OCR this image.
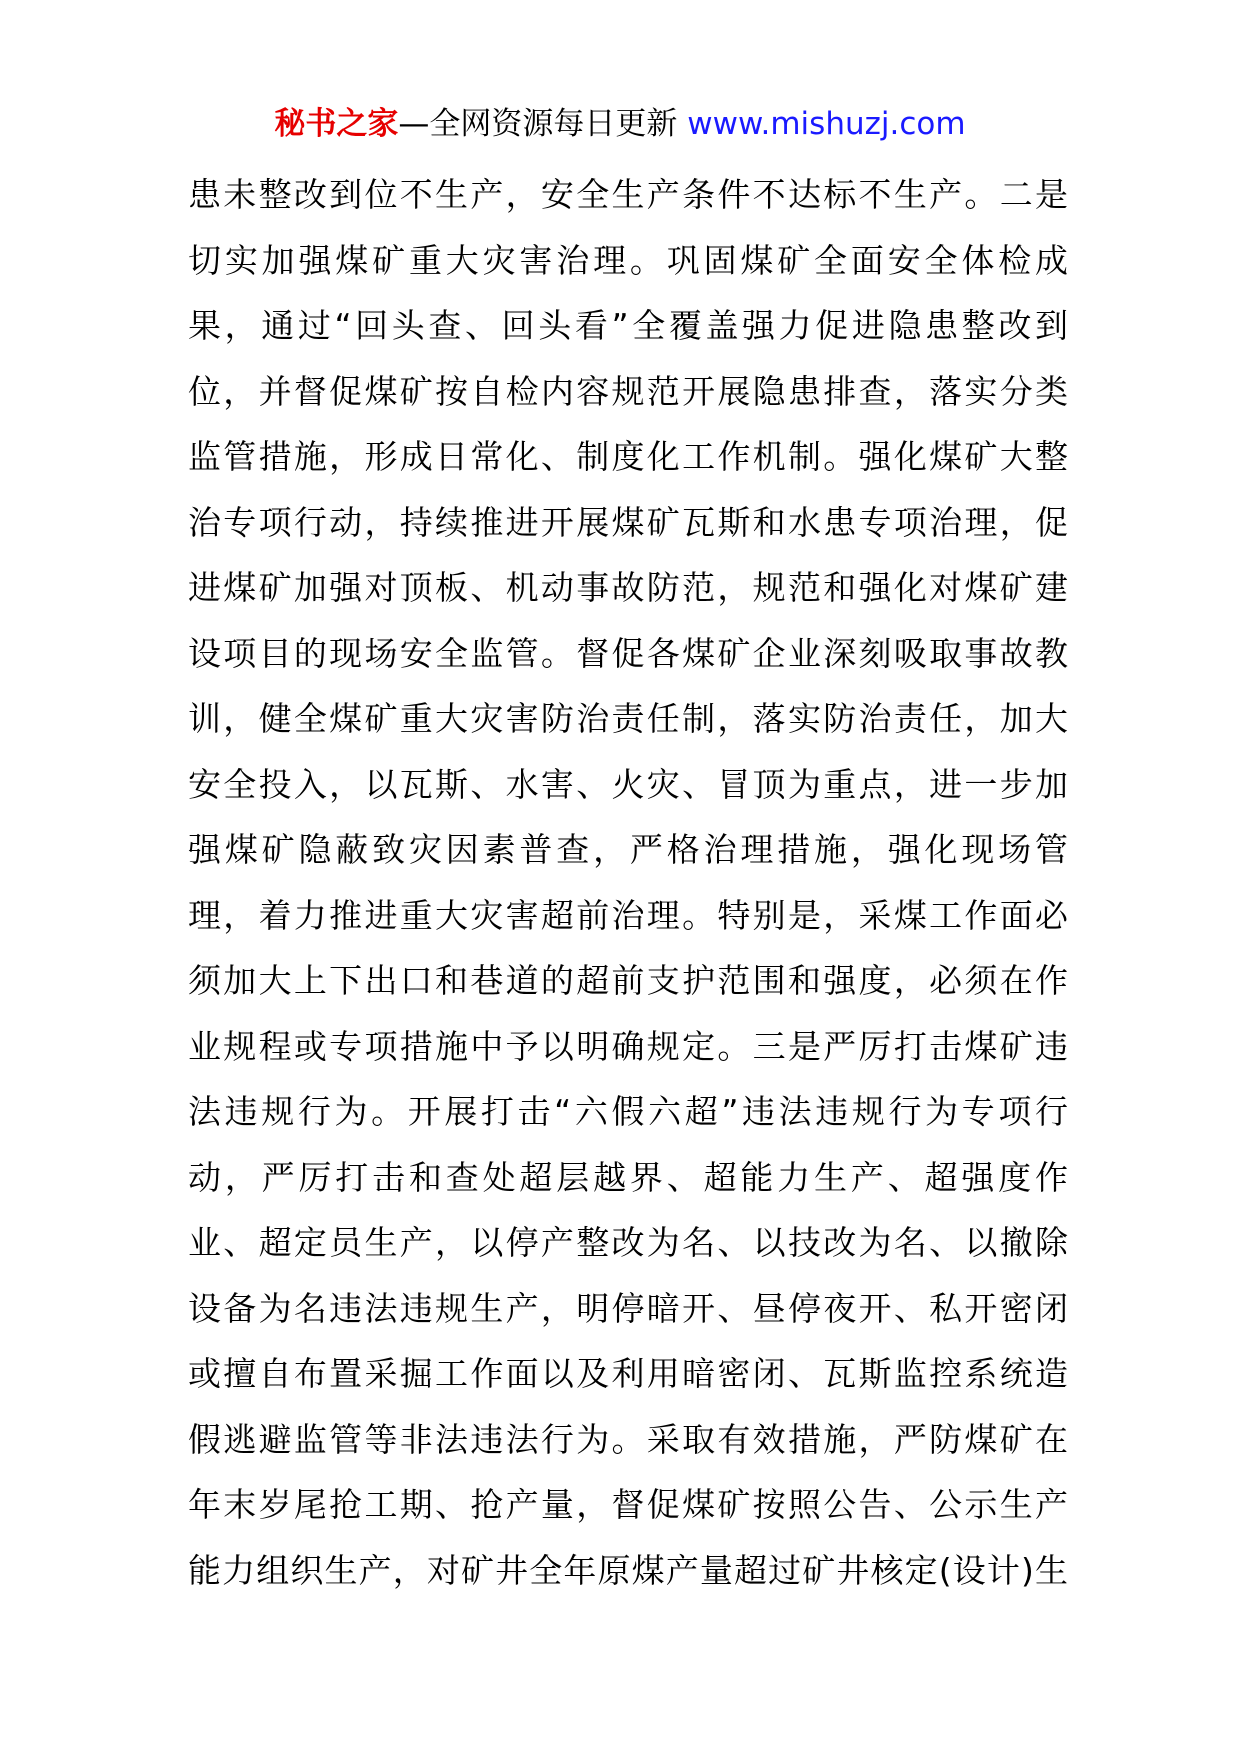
秘书之家—全网资源每日更新 www.mishuzj.com
患未整改到位不生产，安全生产条件不达标不生产。二是
切实加强煤矿重大灾害治理。巩固煤矿全面安全体检成
果，通过“回头查、回头看”全覆盖强力促进隐患整改到
位，并督促煤矿按自检内容规范开展隐患排查，落实分类
监管措施，形成日常化、制度化工作机制。强化煤矿大整
治专项行动，持续推进开展煤矿瓦斯和水患专项治理，促
进煤矿加强对顶板、机动事故防范，规范和强化对煤矿建
设项目的现场安全监管。督促各煤矿企业深刻吸取事故教
训，健全煤矿重大灾害防治责任制，落实防治责任，加大
安全投入，以瓦斯、水害、火灾、冒顶为重点，进一步加
强煤矿隐蔽致灾因素普查，严格治理措施，强化现场管
理，着力推进重大灾害超前治理。特别是，采煤工作面必
须加大上下出口和巷道的超前支护范围和强度，必须在作
业规程或专项措施中予以明确规定。三是严厉打击煤矿违
法违规行为。开展打击“六假六超”违法违规行为专项行
动，严厉打击和查处超层越界、超能力生产、超强度作
业、超定员生产，以停产整改为名、以技改为名、以撤除
设备为名违法违规生产，明停暗开、昼停夜开、私开密闭
或擅自布置采掘工作面以及利用暗密闭、瓦斯监控系统造
假逃避监管等非法违法行为。采取有效措施，严防煤矿在
年末岁尾抢工期、抢产量，督促煤矿按照公告、公示生产
能力组织生产，对矿井全年原煤产量超过矿井核定(设计)生
